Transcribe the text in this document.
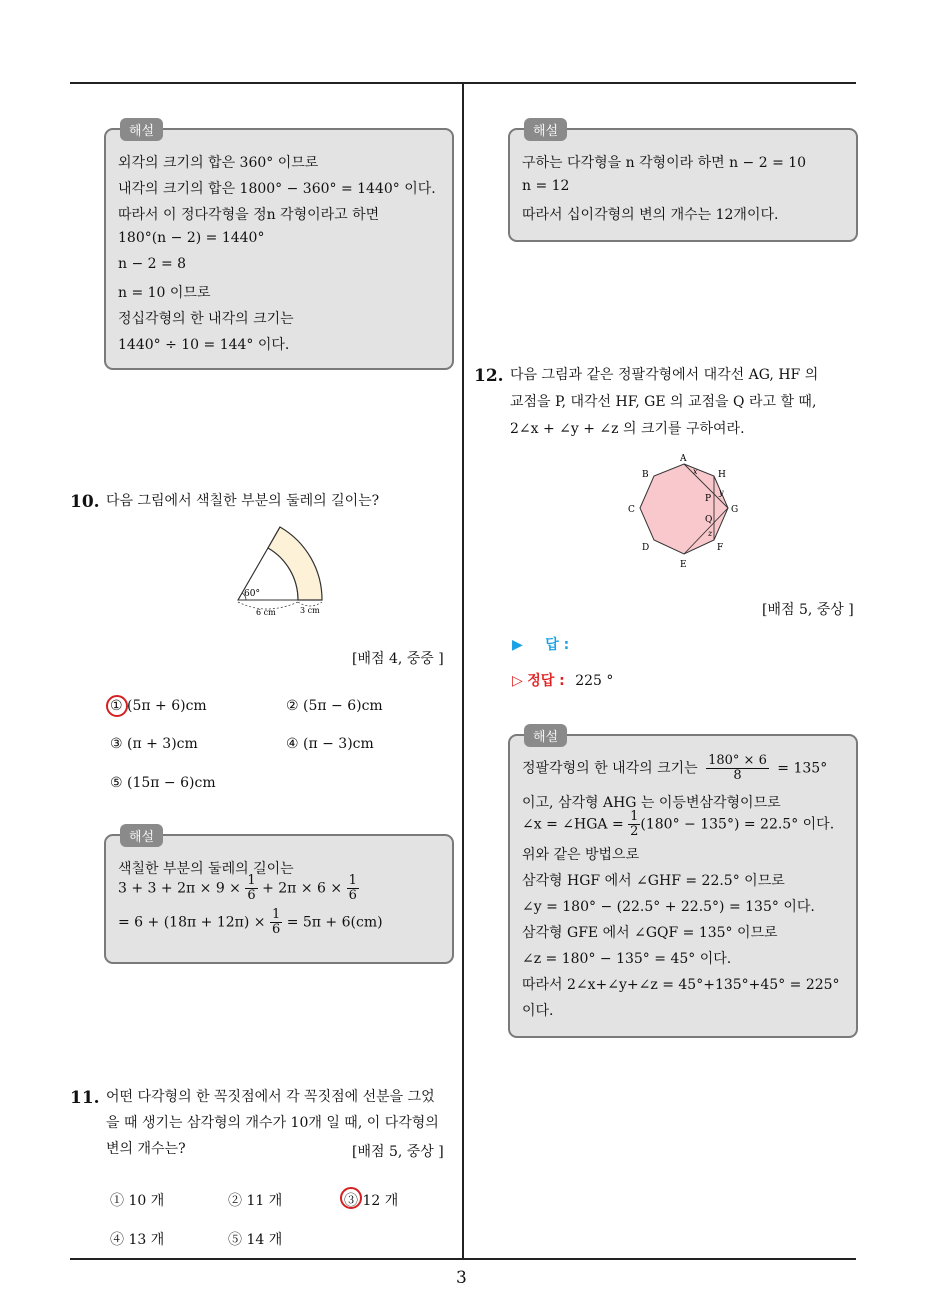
해설
외각의 크기의 합은 360° 이므로
내각의 크기의 합은 1800° − 360° = 1440° 이다.
따라서 이 정다각형을 정n 각형이라고 하면
180°(n − 2) = 1440°
n − 2 = 8
n = 10 이므로
정십각형의 한 내각의 크기는
1440° ÷ 10 = 144° 이다.
10. 다음 그림에서 색칠한 부분의 둘레의 길이는?
60°
6 cm	3 cm
[배점 4, 중중 ]
① (5π + 6)cm	② (5π − 6)cm
③ (π + 3)cm	④ (π − 3)cm
⑤ (15π − 6)cm
해설
색칠한 부분의 둘레의 길이는
$3 + 3 + 2\pi \times 9 \times \frac{1}{6} + 2\pi \times 6 \times \frac{1}{6}$
= $6 + (18\pi + 12\pi) \times \frac{1}{6} = 5\pi + 6(cm)$
11. 어떤 다각형의 한 꼭짓점에서 각 꼭짓점에 선분을 그었
을 때 생기는 삼각형의 개수가 10개 일 때, 이 다각형의
변의 개수는?	[배점 5, 중상 ]
① 10 개	② 11 개	③ 12 개
④ 13 개	⑤ 14 개
해설
구하는 다각형을 n 각형이라 하면 n − 2 = 10
n = 12
따라서 십이각형의 변의 개수는 12개이다.
12. 다음 그림과 같은 정팔각형에서 대각선 AG, HF 의
교점을 P, 대각선 HF, GE 의 교점을 Q 라고 할 때,
2∠x + ∠y + ∠z 의 크기를 구하여라.
A
B
C
D
E
F
G
H
P
Q
x
y
z
[배점 5, 중상 ]
▶ 답 :
▷ 정답 : 225 °
해설
정팔각형의 한 내각의 크기는 $\frac{180^\circ \times 6}{8} = 135^\circ$
이고, 삼각형 AHG 는 이등변삼각형이므로
∠x = ∠HGA = $\frac{1}{2} (180^\circ - 135^\circ) = 22.5^\circ$ 이다.
위와 같은 방법으로
삼각형 HGF 에서 ∠GHF = 22.5° 이므로
∠y = 180° − (22.5° + 22.5°) = 135° 이다.
삼각형 GFE 에서 ∠GQF = 135° 이므로
∠z = 180° − 135° = 45° 이다.
따라서 2∠x+∠y+∠z = 45°+135°+45° = 225°
이다.
3
